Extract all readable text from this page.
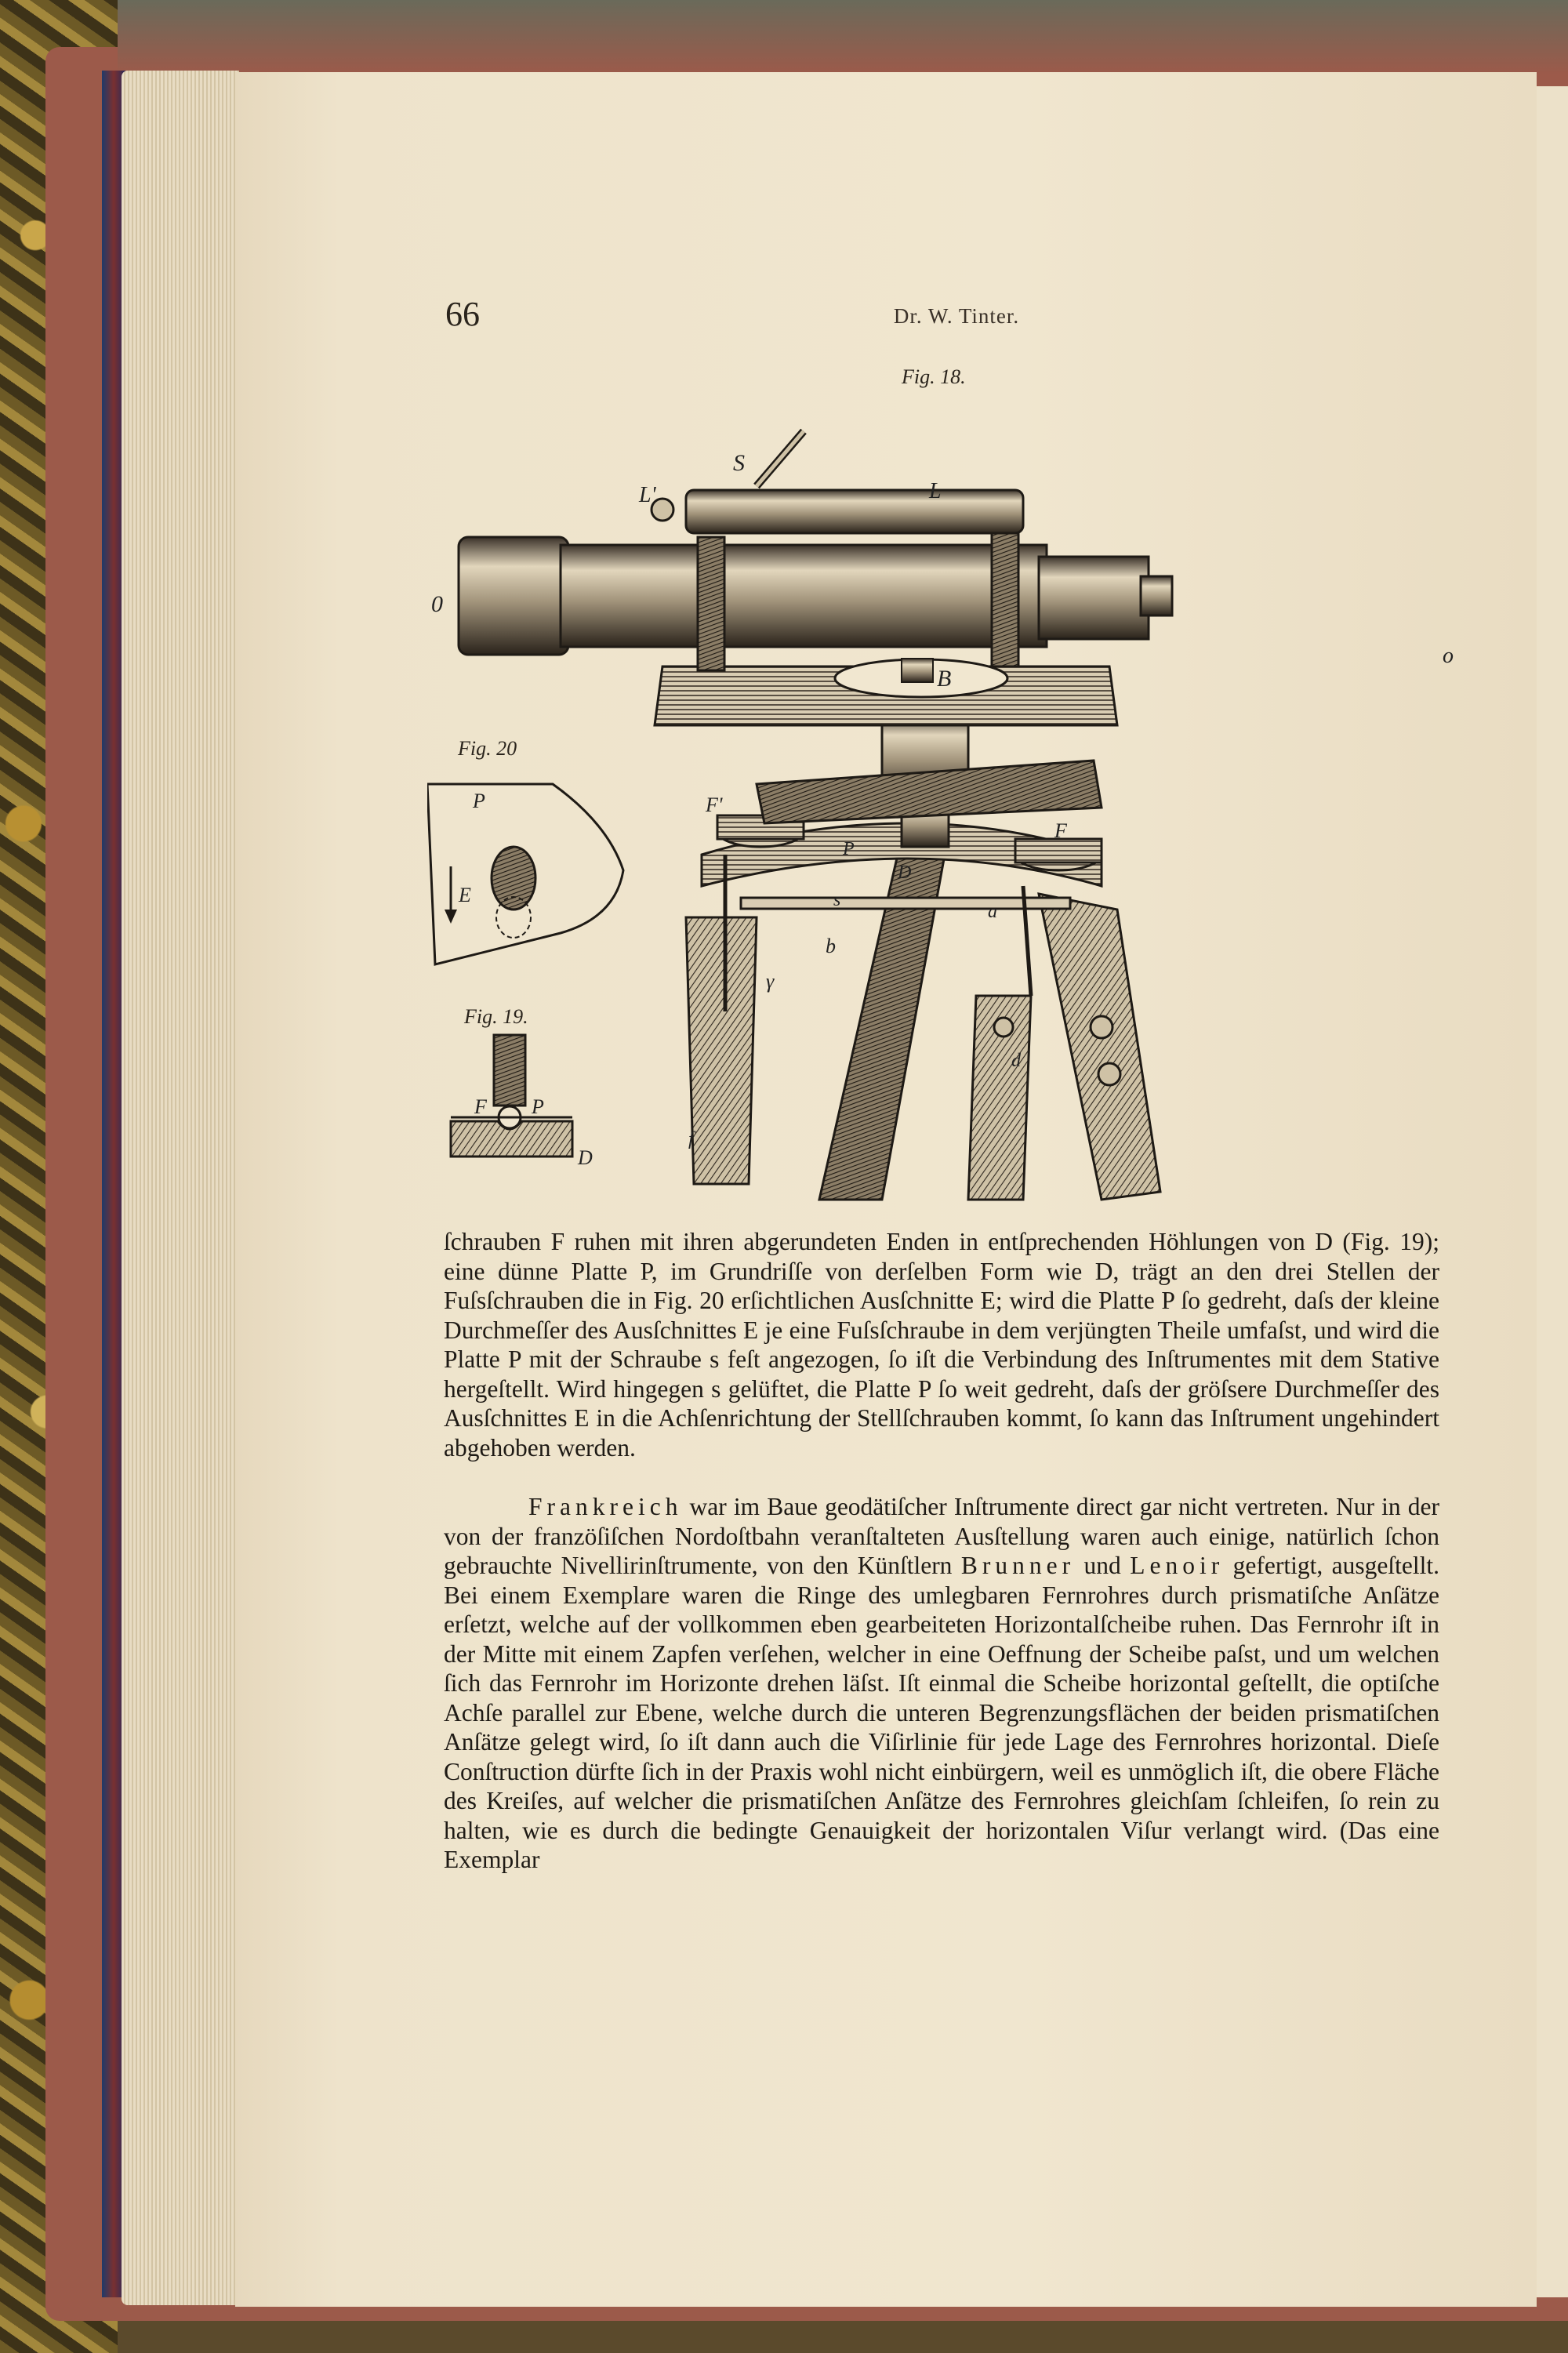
66	Dr. W. Tinter.
Fig. 18.
Fig. 20
Fig. 19.
S
L'	L
0
o
B
F'
F
P
D
s
a
b
γ
d
f
E
P
F P
D

ſchrauben F ruhen mit ihren abgerundeten Enden in entſprechenden Höhlungen von D (Fig. 19); eine dünne Platte P, im Grundriſſe von derſelben Form wie D, trägt an den drei Stellen der Fuſsſchrauben die in Fig. 20 erſichtlichen Ausſchnitte E; wird die Platte P ſo gedreht, daſs der kleine Durchmeſſer des Ausſchnittes E je eine Fuſsſchraube in dem verjüngten Theile umfaſst, und wird die Platte P mit der Schraube s feſt angezogen, ſo iſt die Verbindung des Inſtrumentes mit dem Stative hergeſtellt. Wird hingegen s gelüftet, die Platte P ſo weit gedreht, daſs der gröſsere Durchmeſſer des Ausſchnittes E in die Achſenrichtung der Stellſchrauben kommt, ſo kann das Inſtrument ungehindert abgehoben werden.

Frankreich war im Baue geodätiſcher Inſtrumente direct gar nicht vertreten. Nur in der von der franzöſiſchen Nordoſtbahn veranſtalteten Ausſtellung waren auch einige, natürlich ſchon gebrauchte Nivellirinſtrumente, von den Künſtlern Brunner und Lenoir gefertigt, ausgeſtellt. Bei einem Exemplare waren die Ringe des umlegbaren Fernrohres durch prismatiſche Anſätze erſetzt, welche auf der vollkommen eben gearbeiteten Horizontalſcheibe ruhen. Das Fernrohr iſt in der Mitte mit einem Zapfen verſehen, welcher in eine Oeffnung der Scheibe paſst, und um welchen ſich das Fernrohr im Horizonte drehen läſst. Iſt einmal die Scheibe horizontal geſtellt, die optiſche Achſe parallel zur Ebene, welche durch die unteren Begrenzungsflächen der beiden prismatiſchen Anſätze gelegt wird, ſo iſt dann auch die Viſirlinie für jede Lage des Fernrohres horizontal. Dieſe Conſtruction dürfte ſich in der Praxis wohl nicht einbürgern, weil es unmöglich iſt, die obere Fläche des Kreiſes, auf welcher die prismatiſchen Anſätze des Fernrohres gleichſam ſchleifen, ſo rein zu halten, wie es durch die bedingte Genauigkeit der horizontalen Viſur verlangt wird. (Das eine Exemplar
